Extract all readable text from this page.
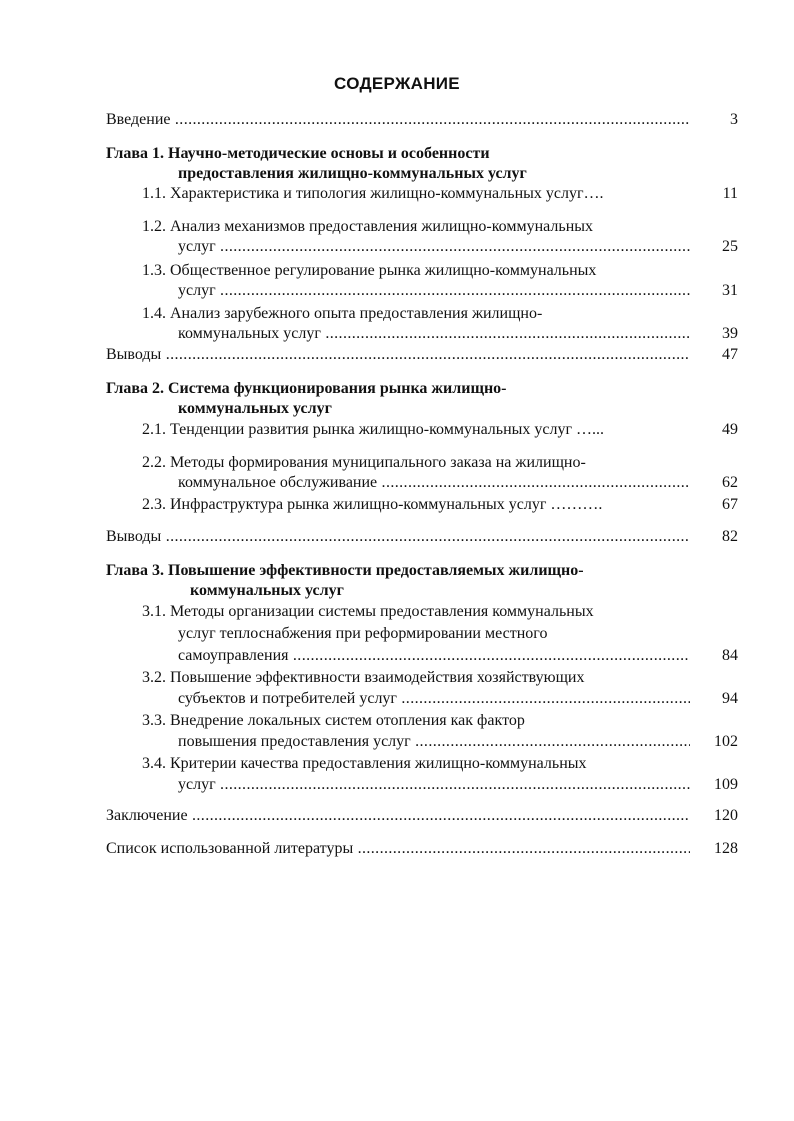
СОДЕРЖАНИЕ
Введение .....	3
Глава 1. Научно-методические основы и особенности
предоставления жилищно-коммунальных услуг
1.1. Характеристика и типология жилищно-коммунальных услуг….	11
1.2. Анализ механизмов предоставления жилищно-коммунальных
услуг .....	25
1.3. Общественное регулирование рынка жилищно-коммунальных
услуг .....	31
1.4. Анализ зарубежного опыта предоставления жилищно-
коммунальных услуг .....	39
Выводы .....	47
Глава 2. Система функционирования рынка жилищно-
коммунальных услуг
2.1. Тенденции развития рынка жилищно-коммунальных услуг …...	49
2.2. Методы формирования муниципального заказа на жилищно-
коммунальное обслуживание .....	62
2.3. Инфраструктура рынка жилищно-коммунальных услуг ……….	67
Выводы .....	82
Глава 3. Повышение эффективности предоставляемых жилищно-
коммунальных услуг
3.1. Методы организации системы предоставления коммунальных
услуг теплоснабжения при реформировании местного
самоуправления .....	84
3.2. Повышение эффективности взаимодействия хозяйствующих
субъектов и потребителей услуг .....	94
3.3. Внедрение локальных систем отопления как фактор
повышения предоставления услуг .....	102
3.4. Критерии качества предоставления жилищно-коммунальных
услуг .....	109
Заключение .....	120
Список использованной литературы .....	128
